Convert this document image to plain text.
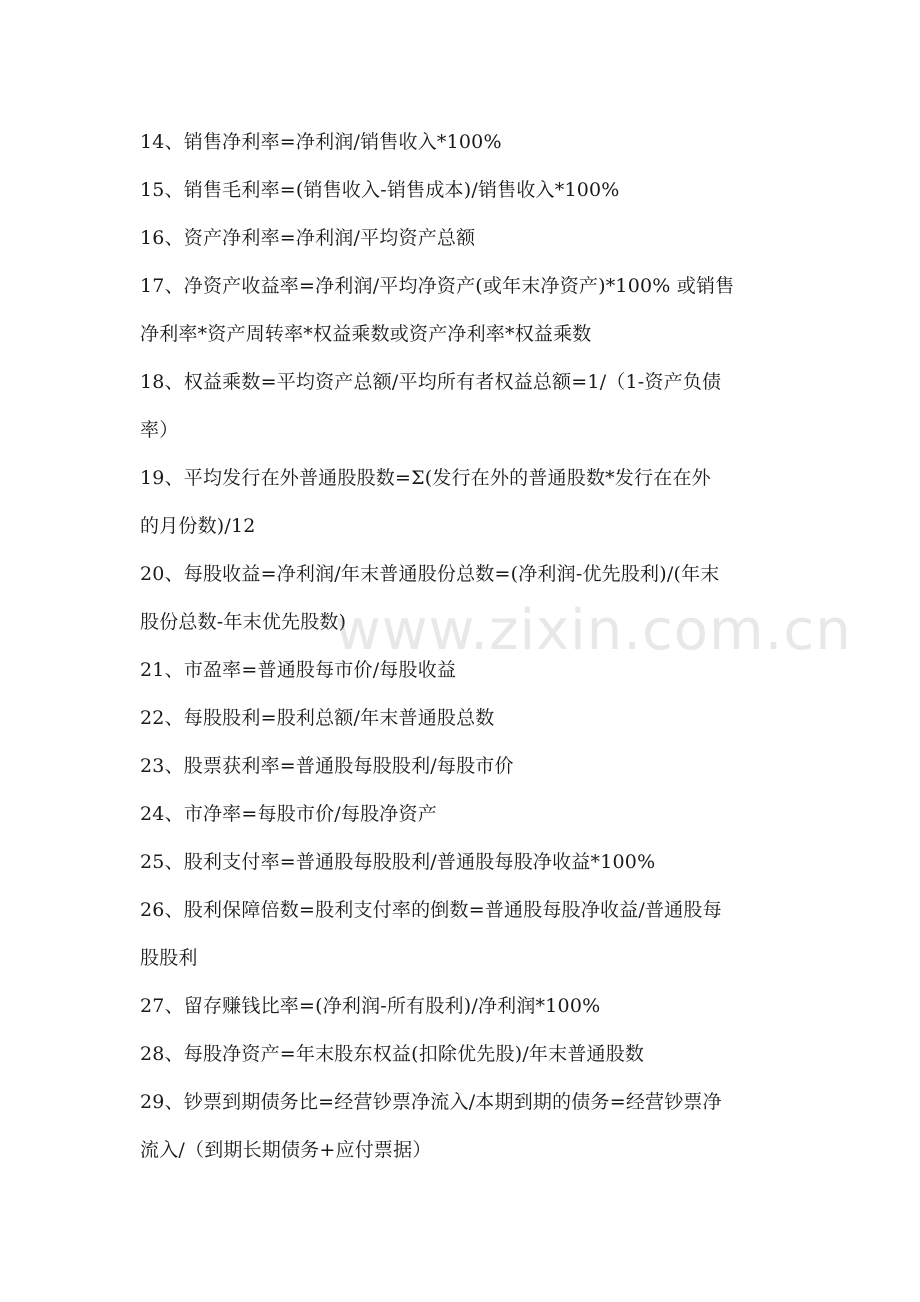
14、销售净利率=净利润/销售收入*100%
15、销售毛利率=(销售收入-销售成本)/销售收入*100%
16、资产净利率=净利润/平均资产总额
17、净资产收益率=净利润/平均净资产(或年末净资产)*100% 或销售
净利率*资产周转率*权益乘数或资产净利率*权益乘数
18、权益乘数=平均资产总额/平均所有者权益总额=1/（1-资产负债
率）
19、平均发行在外普通股股数=Σ(发行在外的普通股数*发行在在外
的月份数)/12
20、每股收益=净利润/年末普通股份总数=(净利润-优先股利)/(年末
股份总数-年末优先股数)
21、市盈率=普通股每市价/每股收益
22、每股股利=股利总额/年末普通股总数
23、股票获利率=普通股每股股利/每股市价
24、市净率=每股市价/每股净资产
25、股利支付率=普通股每股股利/普通股每股净收益*100%
26、股利保障倍数=股利支付率的倒数=普通股每股净收益/普通股每
股股利
27、留存赚钱比率=(净利润-所有股利)/净利润*100%
28、每股净资产=年末股东权益(扣除优先股)/年末普通股数
29、钞票到期债务比=经营钞票净流入/本期到期的债务=经营钞票净
流入/（到期长期债务+应付票据）
www.zixin.com.cn
